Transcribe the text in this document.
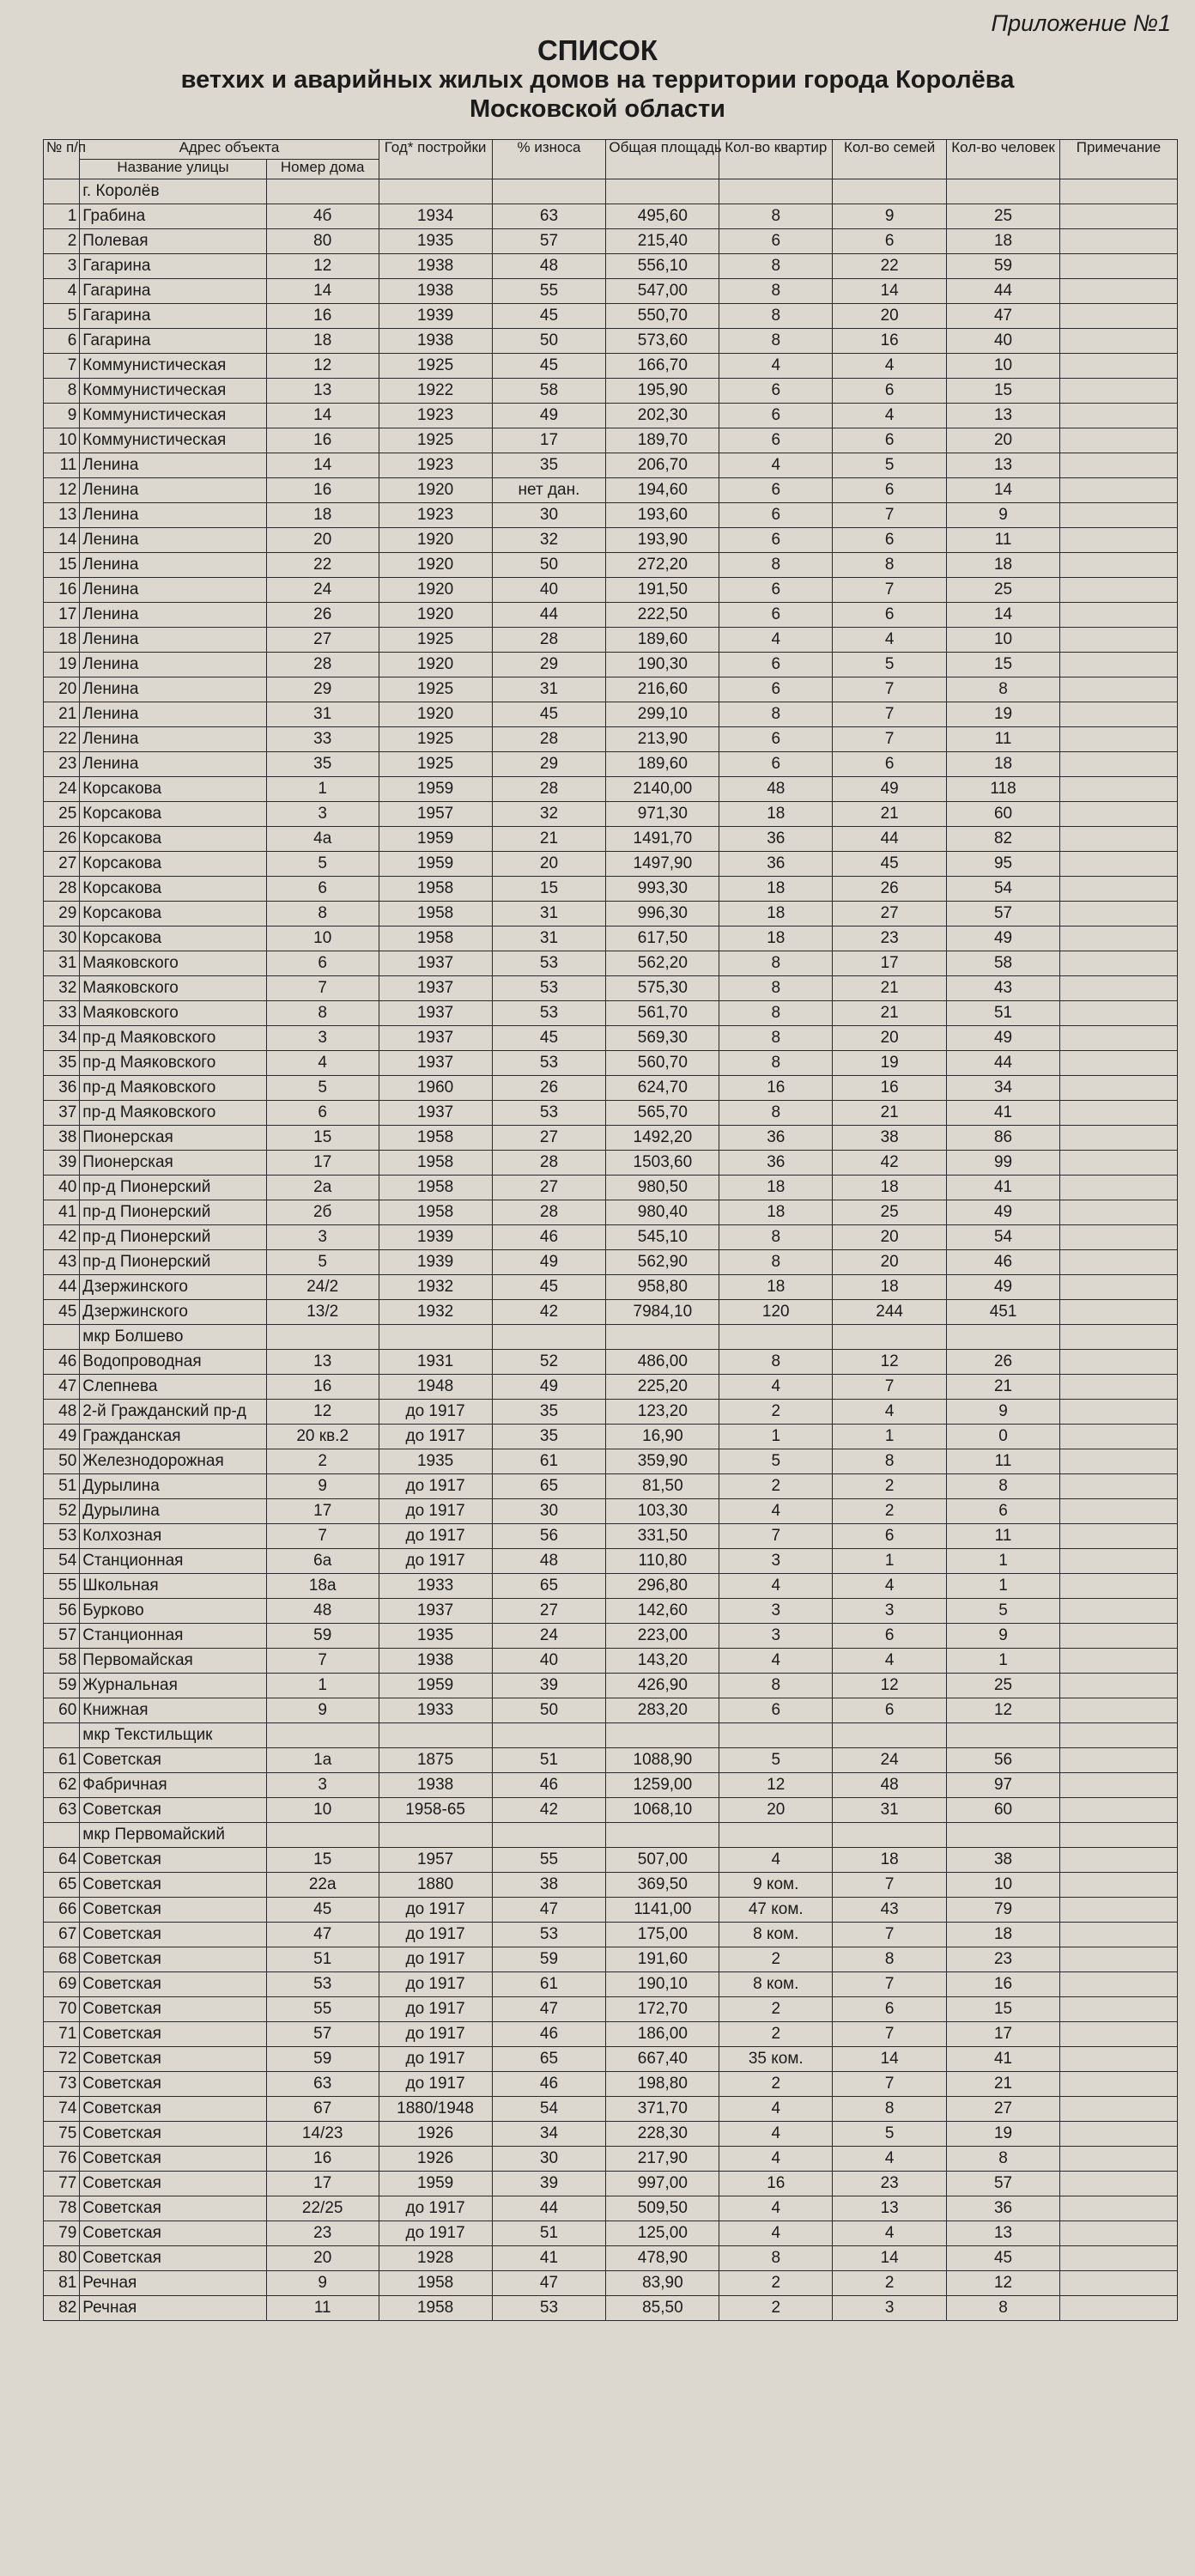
Приложение №1
СПИСОК
ветхих и аварийных жилых домов на территории города Королёва
Московской области
№ п/п	Адрес объекта		Год* постройки	% износа	Общая площадь	Кол-во квартир	Кол-во семей	Кол-во человек	Примечание
	Название улицы	Номер дома							
	г. Королёв								
1	Грабина	4б	1934	63	495,60	8	9	25	
2	Полевая	80	1935	57	215,40	6	6	18	
3	Гагарина	12	1938	48	556,10	8	22	59	
4	Гагарина	14	1938	55	547,00	8	14	44	
5	Гагарина	16	1939	45	550,70	8	20	47	
6	Гагарина	18	1938	50	573,60	8	16	40	
7	Коммунистическая	12	1925	45	166,70	4	4	10	
8	Коммунистическая	13	1922	58	195,90	6	6	15	
9	Коммунистическая	14	1923	49	202,30	6	4	13	
10	Коммунистическая	16	1925	17	189,70	6	6	20	
11	Ленина	14	1923	35	206,70	4	5	13	
12	Ленина	16	1920	нет дан.	194,60	6	6	14	
13	Ленина	18	1923	30	193,60	6	7	9	
14	Ленина	20	1920	32	193,90	6	6	11	
15	Ленина	22	1920	50	272,20	8	8	18	
16	Ленина	24	1920	40	191,50	6	7	25	
17	Ленина	26	1920	44	222,50	6	6	14	
18	Ленина	27	1925	28	189,60	4	4	10	
19	Ленина	28	1920	29	190,30	6	5	15	
20	Ленина	29	1925	31	216,60	6	7	8	
21	Ленина	31	1920	45	299,10	8	7	19	
22	Ленина	33	1925	28	213,90	6	7	11	
23	Ленина	35	1925	29	189,60	6	6	18	
24	Корсакова	1	1959	28	2140,00	48	49	118	
25	Корсакова	3	1957	32	971,30	18	21	60	
26	Корсакова	4а	1959	21	1491,70	36	44	82	
27	Корсакова	5	1959	20	1497,90	36	45	95	
28	Корсакова	6	1958	15	993,30	18	26	54	
29	Корсакова	8	1958	31	996,30	18	27	57	
30	Корсакова	10	1958	31	617,50	18	23	49	
31	Маяковского	6	1937	53	562,20	8	17	58	
32	Маяковского	7	1937	53	575,30	8	21	43	
33	Маяковского	8	1937	53	561,70	8	21	51	
34	пр-д Маяковского	3	1937	45	569,30	8	20	49	
35	пр-д Маяковского	4	1937	53	560,70	8	19	44	
36	пр-д Маяковского	5	1960	26	624,70	16	16	34	
37	пр-д Маяковского	6	1937	53	565,70	8	21	41	
38	Пионерская	15	1958	27	1492,20	36	38	86	
39	Пионерская	17	1958	28	1503,60	36	42	99	
40	пр-д Пионерский	2а	1958	27	980,50	18	18	41	
41	пр-д Пионерский	2б	1958	28	980,40	18	25	49	
42	пр-д Пионерский	3	1939	46	545,10	8	20	54	
43	пр-д Пионерский	5	1939	49	562,90	8	20	46	
44	Дзержинского	24/2	1932	45	958,80	18	18	49	
45	Дзержинского	13/2	1932	42	7984,10	120	244	451	
	мкр Болшево								
46	Водопроводная	13	1931	52	486,00	8	12	26	
47	Слепнева	16	1948	49	225,20	4	7	21	
48	2-й Гражданский пр-д	12	до 1917	35	123,20	2	4	9	
49	Гражданская	20 кв.2	до 1917	35	16,90	1	1	0	
50	Железнодорожная	2	1935	61	359,90	5	8	11	
51	Дурылина	9	до 1917	65	81,50	2	2	8	
52	Дурылина	17	до 1917	30	103,30	4	2	6	
53	Колхозная	7	до 1917	56	331,50	7	6	11	
54	Станционная	6а	до 1917	48	110,80	3	1	1	
55	Школьная	18а	1933	65	296,80	4	4	1	
56	Бурково	48	1937	27	142,60	3	3	5	
57	Станционная	59	1935	24	223,00	3	6	9	
58	Первомайская	7	1938	40	143,20	4	4	1	
59	Журнальная	1	1959	39	426,90	8	12	25	
60	Книжная	9	1933	50	283,20	6	6	12	
	мкр Текстильщик								
61	Советская	1а	1875	51	1088,90	5	24	56	
62	Фабричная	3	1938	46	1259,00	12	48	97	
63	Советская	10	1958-65	42	1068,10	20	31	60	
	мкр Первомайский								
64	Советская	15	1957	55	507,00	4	18	38	
65	Советская	22а	1880	38	369,50	9 ком.	7	10	
66	Советская	45	до 1917	47	1141,00	47 ком.	43	79	
67	Советская	47	до 1917	53	175,00	8 ком.	7	18	
68	Советская	51	до 1917	59	191,60	2	8	23	
69	Советская	53	до 1917	61	190,10	8 ком.	7	16	
70	Советская	55	до 1917	47	172,70	2	6	15	
71	Советская	57	до 1917	46	186,00	2	7	17	
72	Советская	59	до 1917	65	667,40	35 ком.	14	41	
73	Советская	63	до 1917	46	198,80	2	7	21	
74	Советская	67	1880/1948	54	371,70	4	8	27	
75	Советская	14/23	1926	34	228,30	4	5	19	
76	Советская	16	1926	30	217,90	4	4	8	
77	Советская	17	1959	39	997,00	16	23	57	
78	Советская	22/25	до 1917	44	509,50	4	13	36	
79	Советская	23	до 1917	51	125,00	4	4	13	
80	Советская	20	1928	41	478,90	8	14	45	
81	Речная	9	1958	47	83,90	2	2	12	
82	Речная	11	1958	53	85,50	2	3	8	
